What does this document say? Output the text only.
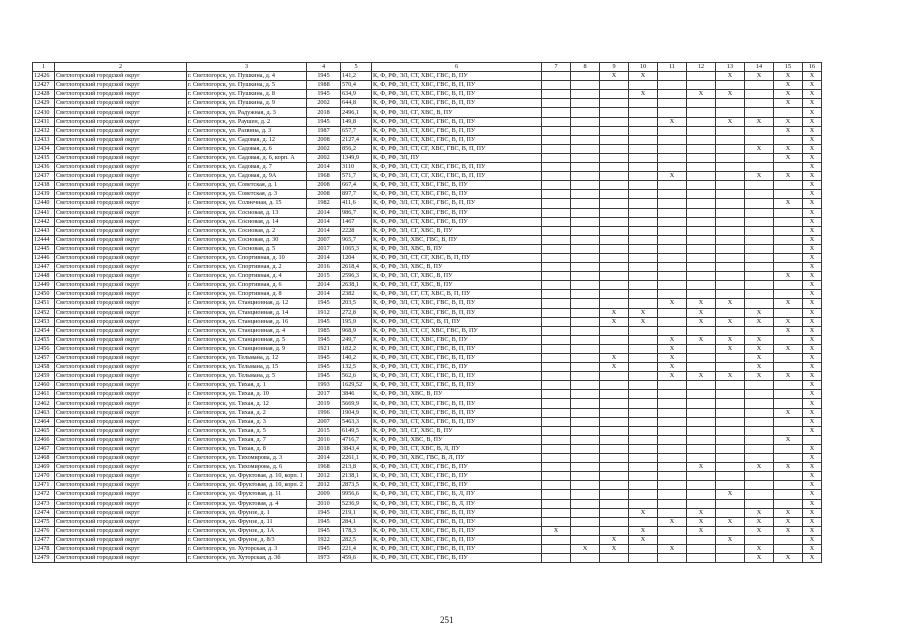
1	2	3	4	5	6	7	8	9	10	11	12	13	14	15	16
12426	Светлогорский городской округ	г. Светлогорск, ул. Пушкина, д. 4	1945	141,2	К, Ф, РФ, ЭЛ, СТ, ХВС, ГВС, В, ПУ			X	X			X	X	X	X
12427	Светлогорский городской округ	г. Светлогорск, ул. Пушкина, д. 5	1988	570,4	К, Ф, РФ, ЭЛ, СТ, ХВС, ГВС, В, П, ПУ									X	X
12428	Светлогорский городской округ	г. Светлогорск, ул. Пушкина, д. 8	1945	634,9	К, Ф, РФ, ЭЛ, СТ, ХВС, ГВС, В, П, ПУ				X		X	X		X	X
12429	Светлогорский городской округ	г. Светлогорск, ул. Пушкина, д. 9	2002	644,8	К, Ф, РФ, ЭЛ, СТ, ХВС, ГВС, В, П, ПУ									X	X
12430	Светлогорский городской округ	г. Светлогорск, ул. Радужная, д. 3	2018	2496,1	К, Ф, РФ, ЭЛ, СГ, ХВС, В, ПУ										X
12431	Светлогорский городской округ	г. Светлогорск, ул. Раушен, д. 2	1945	149,8	К, Ф, РФ, ЭЛ, СТ, ХВС, ГВС, В, П, ПУ					X		X	X	X	X
12432	Светлогорский городской округ	г. Светлогорск, ул. Развина, д. 3	1987	657,7	К, Ф, РФ, ЭЛ, СТ, ХВС, ГВС, В, П, ПУ									X	X
12433	Светлогорский городской округ	г. Светлогорск, ул. Садовая, д. 12	2008	2127,4	К, Ф, РФ, ЭЛ, СТ, ХВС, ГВС, В, П, ПУ										X
12434	Светлогорский городской округ	г. Светлогорск, ул. Садовая, д. 6	2002	856,2	К, Ф, РФ, ЭЛ, СТ, СГ, ХВС, ГВС, В, П, ПУ								X	X	X
12435	Светлогорский городской округ	г. Светлогорск, ул. Садовая, д. 6, корп. А	2002	1349,9	К, Ф, РФ, ЭЛ, ПУ									X	X
12436	Светлогорский городской округ	г. Светлогорск, ул. Садовая, д. 7	2014	3110	К, Ф, РФ, ЭЛ, СТ, СГ, ХВС, ГВС, В, П, ПУ										X
12437	Светлогорский городской округ	г. Светлогорск, ул. Садовая, д. 9А	1968	571,7	К, Ф, РФ, ЭЛ, СТ, СГ, ХВС, ГВС, В, П, ПУ					X			X	X	X
12438	Светлогорский городской округ	г. Светлогорск, ул. Советская, д. 1	2008	667,4	К, Ф, РФ, ЭЛ, СТ, ХВС, ГВС, В, ПУ										X
12439	Светлогорский городской округ	г. Светлогорск, ул. Советская, д. 3	2008	897,7	К, Ф, РФ, ЭЛ, СТ, ХВС, ГВС, В, ПУ										X
12440	Светлогорский городской округ	г. Светлогорск, ул. Солнечная, д. 15	1982	411,6	К, Ф, РФ, ЭЛ, СТ, ХВС, ГВС, В, П, ПУ									X	X
12441	Светлогорский городской округ	г. Светлогорск, ул. Сосновая, д. 13	2014	986,7	К, Ф, РФ, ЭЛ, СТ, ХВС, ГВС, В, ПУ										X
12442	Светлогорский городской округ	г. Светлогорск, ул. Сосновая, д. 14	2014	1467	К, Ф, РФ, ЭЛ, СТ, ХВС, ГВС, В, ПУ										X
12443	Светлогорский городской округ	г. Светлогорск, ул. Сосновая, д. 2	2014	2228	К, Ф, РФ, ЭЛ, СГ, ХВС, В, ПУ										X
12444	Светлогорский городской округ	г. Светлогорск, ул. Сосновая, д. 30	2007	965,7	К, Ф, РФ, ЭЛ, ХВС, ГВС, В, ПУ										X
12445	Светлогорский городской округ	г. Светлогорск, ул. Сосновая, д. 5	2017	1065,3	К, Ф, РФ, ЭЛ, ХВС, В, ПУ										X
12446	Светлогорский городской округ	г. Светлогорск, ул. Спортивная, д. 10	2014	1204	К, Ф, РФ, ЭЛ, СТ, СГ, ХВС, В, П, ПУ										X
12447	Светлогорский городской округ	г. Светлогорск, ул. Спортивная, д. 2	2016	2618,4	К, Ф, РФ, ЭЛ, ХВС, В, ПУ										X
12448	Светлогорский городской округ	г. Светлогорск, ул. Спортивная, д. 4	2015	2596,3	К, Ф, РФ, ЭЛ, СГ, ХВС, В, ПУ									X	X
12449	Светлогорский городской округ	г. Светлогорск, ул. Спортивная, д. 6	2014	2638,1	К, Ф, РФ, ЭЛ, СГ, ХВС, В, ПУ										X
12450	Светлогорский городской округ	г. Светлогорск, ул. Спортивная, д. 8	2014	2382	К, Ф, РФ, ЭЛ, СГ, СТ, ХВС, В, П, ПУ										X
12451	Светлогорский городской округ	г. Светлогорск, ул. Станционная, д. 12	1945	203,5	К, Ф, РФ, ЭЛ, СТ, ХВС, ГВС, В, П, ПУ					X	X	X		X	X
12452	Светлогорский городской округ	г. Светлогорск, ул. Станционная, д. 14	1912	272,8	К, Ф, РФ, ЭЛ, СТ, ХВС, ГВС, В, П, ПУ			X	X		X		X		X
12453	Светлогорский городской округ	г. Светлогорск, ул. Станционная, д. 16	1945	195,9	К, Ф, РФ, ЭЛ, СТ, ХВС, В, П, ПУ			X	X		X	X	X	X	X
12454	Светлогорский городской округ	г. Светлогорск, ул. Станционная, д. 4	1985	968,9	К, Ф, РФ, ЭЛ, СТ, СГ, ХВС, ГВС, В, ПУ									X	X
12455	Светлогорский городской округ	г. Светлогорск, ул. Станционная, д. 5	1945	249,7	К, Ф, РФ, ЭЛ, СТ, ХВС, ГВС, В, ПУ					X	X	X	X		X
12456	Светлогорский городской округ	г. Светлогорск, ул. Станционная, д. 9	1921	182,2	К, Ф, РФ, ЭЛ, СТ, ХВС, ГВС, В, П, ПУ					X		X	X	X	X
12457	Светлогорский городской округ	г. Светлогорск, ул. Тельмана, д. 12	1945	140,2	К, Ф, РФ, ЭЛ, СТ, ХВС, ГВС, В, П, ПУ			X		X			X		X
12458	Светлогорский городской округ	г. Светлогорск, ул. Тельмана, д. 15	1945	132,5	К, Ф, РФ, ЭЛ, СТ, ХВС, ГВС, В, ПУ			X		X			X		X
12459	Светлогорский городской округ	г. Светлогорск, ул. Тельмана, д. 5	1945	562,6	К, Ф, РФ, ЭЛ, СТ, ХВС, ГВС, В, П, ПУ					X	X	X	X	X	X
12460	Светлогорский городской округ	г. Светлогорск, ул. Тихая, д. 1	1993	1629,52	К, Ф, РФ, ЭЛ, СТ, ХВС, ГВС, В, П, ПУ										X
12461	Светлогорский городской округ	г. Светлогорск, ул. Тихая, д. 10	2017	3846	К, Ф, РФ, ЭЛ, ХВС, В, ПУ										X
12462	Светлогорский городской округ	г. Светлогорск, ул. Тихая, д. 12	2019	5669,9	К, Ф, РФ, ЭЛ, СТ, ХВС, ГВС, В, П, ПУ										X
12463	Светлогорский городской округ	г. Светлогорск, ул. Тихая, д. 2	1996	1904,9	К, Ф, РФ, ЭЛ, СТ, ХВС, ГВС, В, П, ПУ									X	X
12464	Светлогорский городской округ	г. Светлогорск, ул. Тихая, д. 3	2007	5463,3	К, Ф, РФ, ЭЛ, СТ, ХВС, ГВС, В, П, ПУ										X
12465	Светлогорский городской округ	г. Светлогорск, ул. Тихая, д. 5	2015	6149,5	К, Ф, РФ, ЭЛ, СГ, ХВС, В, ПУ										X
12466	Светлогорский городской округ	г. Светлогорск, ул. Тихая, д. 7	2016	4716,7	К, Ф, РФ, ЭЛ, ХВС, В, ПУ									X	
12467	Светлогорский городской округ	г. Светлогорск, ул. Тихая, д. 8	2018	3843,4	К, Ф, РФ, ЭЛ, СТ, ХВС, В, Л, ПУ										X
12468	Светлогорский городской округ	г. Светлогорск, ул. Тихомирова, д. 3	2014	2261,1	К, Ф, РФ, ЭЛ, ХВС, ГВС, В, Л, ПУ										X
12469	Светлогорский городской округ	г. Светлогорск, ул. Тихомирова, д. 6	1968	213,8	К, Ф, РФ, ЭЛ, СТ, ХВС, ГВС, В, ПУ						X		X	X	X
12470	Светлогорский городской округ	г. Светлогорск, ул. Фруктовая, д. 10, корп. 1	2012	2138,1	К, Ф, РФ, ЭЛ, СТ, ХВС, ГВС, В, ПУ										X
12471	Светлогорский городской округ	г. Светлогорск, ул. Фруктовая, д. 10, корп. 2	2012	2873,5	К, Ф, РФ, ЭЛ, СТ, ХВС, ГВС, В, ПУ										X
12472	Светлогорский городской округ	г. Светлогорск, ул. Фруктовая, д. 11	2009	9956,6	К, Ф, РФ, ЭЛ, СТ, ХВС, ГВС, В, Л, ПУ							X			X
12473	Светлогорский городской округ	г. Светлогорск, ул. Фруктовая, д. 4	2010	5236,9	К, Ф, РФ, ЭЛ, СТ, ХВС, ГВС, В, Л, ПУ										X
12474	Светлогорский городской округ	г. Светлогорск, ул. Фрунзе, д. 1	1945	219,1	К, Ф, РФ, ЭЛ, СТ, ХВС, ГВС, В, П, ПУ				X		X		X	X	X
12475	Светлогорский городской округ	г. Светлогорск, ул. Фрунзе, д. 11	1945	284,1	К, Ф, РФ, ЭЛ, СТ, ХВС, ГВС, В, П, ПУ					X	X	X	X	X	X
12476	Светлогорский городской округ	г. Светлогорск, ул. Фрунзе, д. 1А	1945	178,3	К, Ф, РФ, ЭЛ, СТ, ХВС, ГВС, В, П, ПУ	X			X		X		X	X	X
12477	Светлогорский городской округ	г. Светлогорск, ул. Фрунзе, д. 8/3	1922	282,5	К, Ф, РФ, ЭЛ, СТ, ХВС, ГВС, В, П, ПУ			X	X			X			X
12478	Светлогорский городской округ	г. Светлогорск, ул. Хуторская, д. 3	1945	221,4	К, Ф, РФ, ЭЛ, СТ, ХВС, ГВС, В, П, ПУ		X	X		X			X		X
12479	Светлогорский городской округ	г. Светлогорск, ул. Хуторская, д. 3б	1973	459,6	К, Ф, РФ, ЭЛ, СТ, ХВС, ГВС, В, ПУ								X	X	X
251
